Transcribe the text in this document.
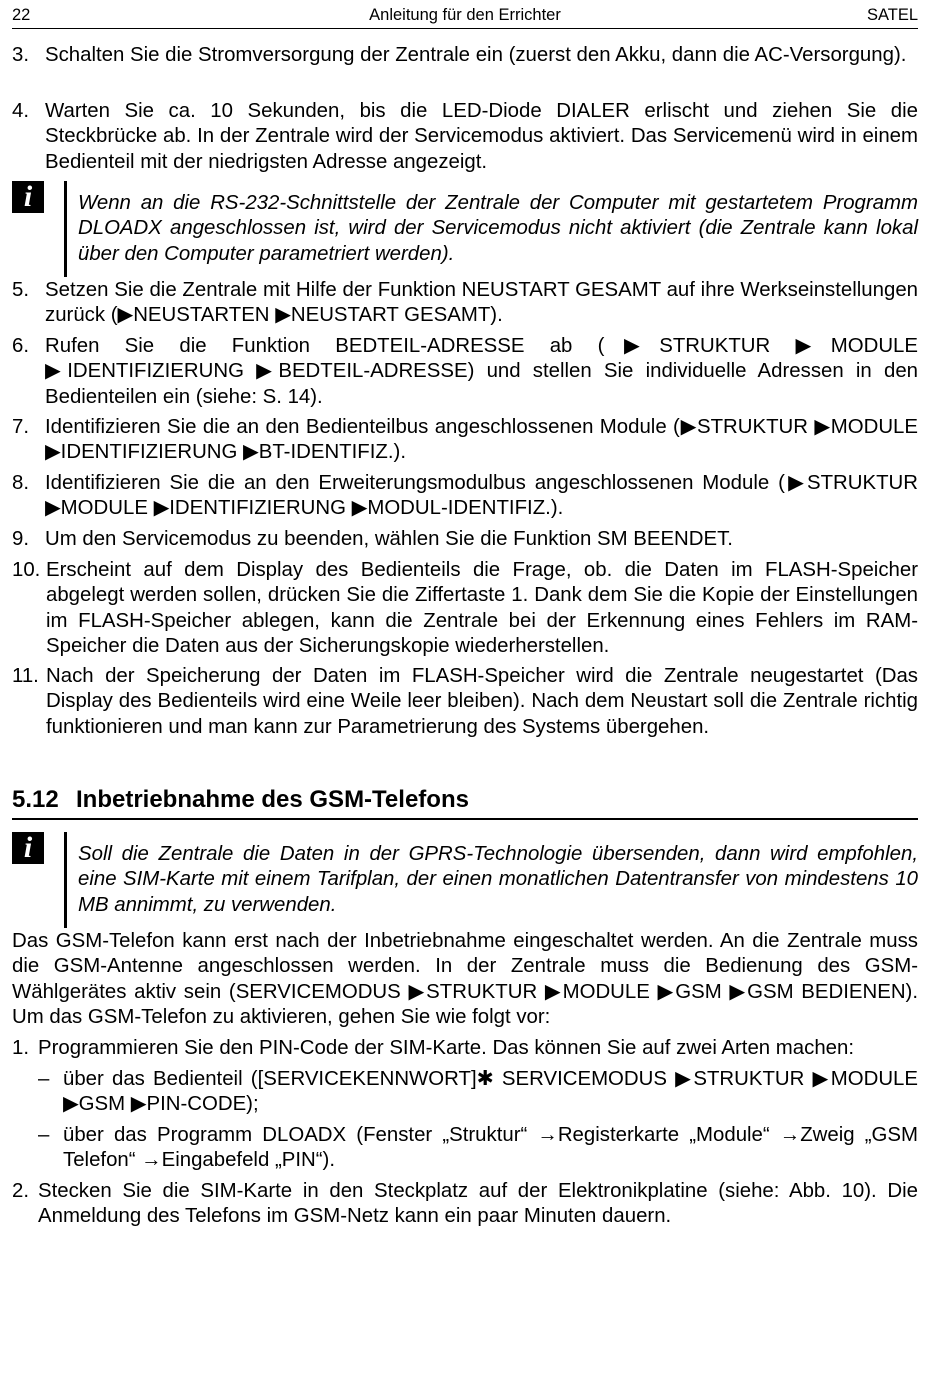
22	Anleitung für den Errichter	SATEL
3. Schalten Sie die Stromversorgung der Zentrale ein (zuerst den Akku, dann die AC-Versorgung).
4. Warten Sie ca. 10 Sekunden, bis die LED-Diode DIALER erlischt und ziehen Sie die Steckbrücke ab. In der Zentrale wird der Servicemodus aktiviert. Das Servicemenü wird in einem Bedienteil mit der niedrigsten Adresse angezeigt.
i	Wenn an die RS-232-Schnittstelle der Zentrale der Computer mit gestartetem Programm DLOADX angeschlossen ist, wird der Servicemodus nicht aktiviert (die Zentrale kann lokal über den Computer parametriert werden).
5. Setzen Sie die Zentrale mit Hilfe der Funktion NEUSTART GESAMT auf ihre Werkseinstellungen zurück (▶NEUSTARTEN ▶NEUSTART GESAMT).
6. Rufen Sie die Funktion BEDTEIL-ADRESSE ab (▶STRUKTUR ▶MODULE ▶IDENTIFIZIERUNG ▶BEDTEIL-ADRESSE) und stellen Sie individuelle Adressen in den Bedienteilen ein (siehe: S. 14).
7. Identifizieren Sie die an den Bedienteilbus angeschlossenen Module (▶STRUKTUR ▶MODULE ▶IDENTIFIZIERUNG ▶BT-IDENTIFIZ.).
8. Identifizieren Sie die an den Erweiterungsmodulbus angeschlossenen Module (▶STRUKTUR ▶MODULE ▶IDENTIFIZIERUNG ▶MODUL-IDENTIFIZ.).
9. Um den Servicemodus zu beenden, wählen Sie die Funktion SM BEENDET.
10. Erscheint auf dem Display des Bedienteils die Frage, ob. die Daten im FLASH-Speicher abgelegt werden sollen, drücken Sie die Ziffertaste 1. Dank dem Sie die Kopie der Einstellungen im FLASH-Speicher ablegen, kann die Zentrale bei der Erkennung eines Fehlers im RAM-Speicher die Daten aus der Sicherungskopie wiederherstellen.
11. Nach der Speicherung der Daten im FLASH-Speicher wird die Zentrale neugestartet (Das Display des Bedienteils wird eine Weile leer bleiben). Nach dem Neustart soll die Zentrale richtig funktionieren und man kann zur Parametrierung des Systems übergehen.
5.12 Inbetriebnahme des GSM-Telefons
i	Soll die Zentrale die Daten in der GPRS-Technologie übersenden, dann wird empfohlen, eine SIM-Karte mit einem Tarifplan, der einen monatlichen Datentransfer von mindestens 10 MB annimmt, zu verwenden.
Das GSM-Telefon kann erst nach der Inbetriebnahme eingeschaltet werden. An die Zentrale muss die GSM-Antenne angeschlossen werden. In der Zentrale muss die Bedienung des GSM-Wählgerätes aktiv sein (SERVICEMODUS ▶STRUKTUR ▶MODULE ▶GSM ▶GSM BEDIENEN). Um das GSM-Telefon zu aktivieren, gehen Sie wie folgt vor:
1. Programmieren Sie den PIN-Code der SIM-Karte. Das können Sie auf zwei Arten machen:
– über das Bedienteil ([SERVICEKENNWORT]✱ SERVICEMODUS ▶STRUKTUR ▶MODULE ▶GSM ▶PIN-CODE);
– über das Programm DLOADX (Fenster „Struktur“ →Registerkarte „Module“ →Zweig „GSM Telefon“ →Eingabefeld „PIN“).
2. Stecken Sie die SIM-Karte in den Steckplatz auf der Elektronikplatine (siehe: Abb. 10). Die Anmeldung des Telefons im GSM-Netz kann ein paar Minuten dauern.
